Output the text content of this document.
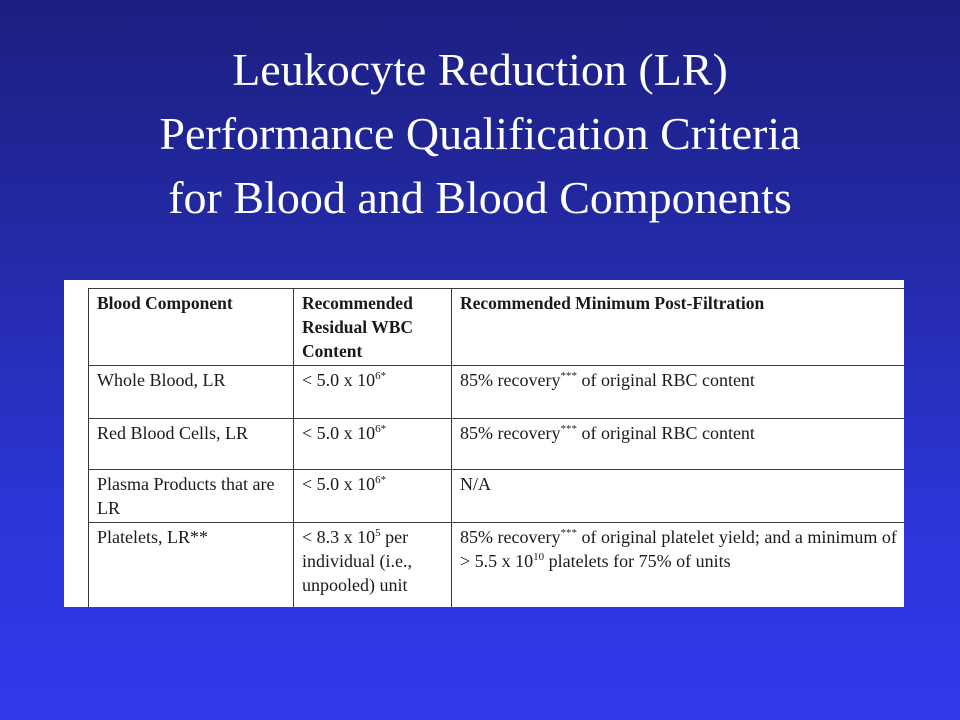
Leukocyte Reduction (LR)
Performance Qualification Criteria
for Blood and Blood Components
Blood Component	Recommended Residual WBC Content	Recommended Minimum Post-Filtration
Whole Blood, LR	< 5.0 x $10^{6*}$	85% recovery*** of original RBC content
Red Blood Cells, LR	< 5.0 x $10^{6*}$	85% recovery*** of original RBC content
Plasma Products that are LR	< 5.0 x $10^{6*}$	N/A
Platelets, LR**	< 8.3 x $10^5$ per individual (i.e., unpooled) unit	85% recovery*** of original platelet yield; and a minimum of
> 5.5 x $10^{10}$ platelets for 75% of units
